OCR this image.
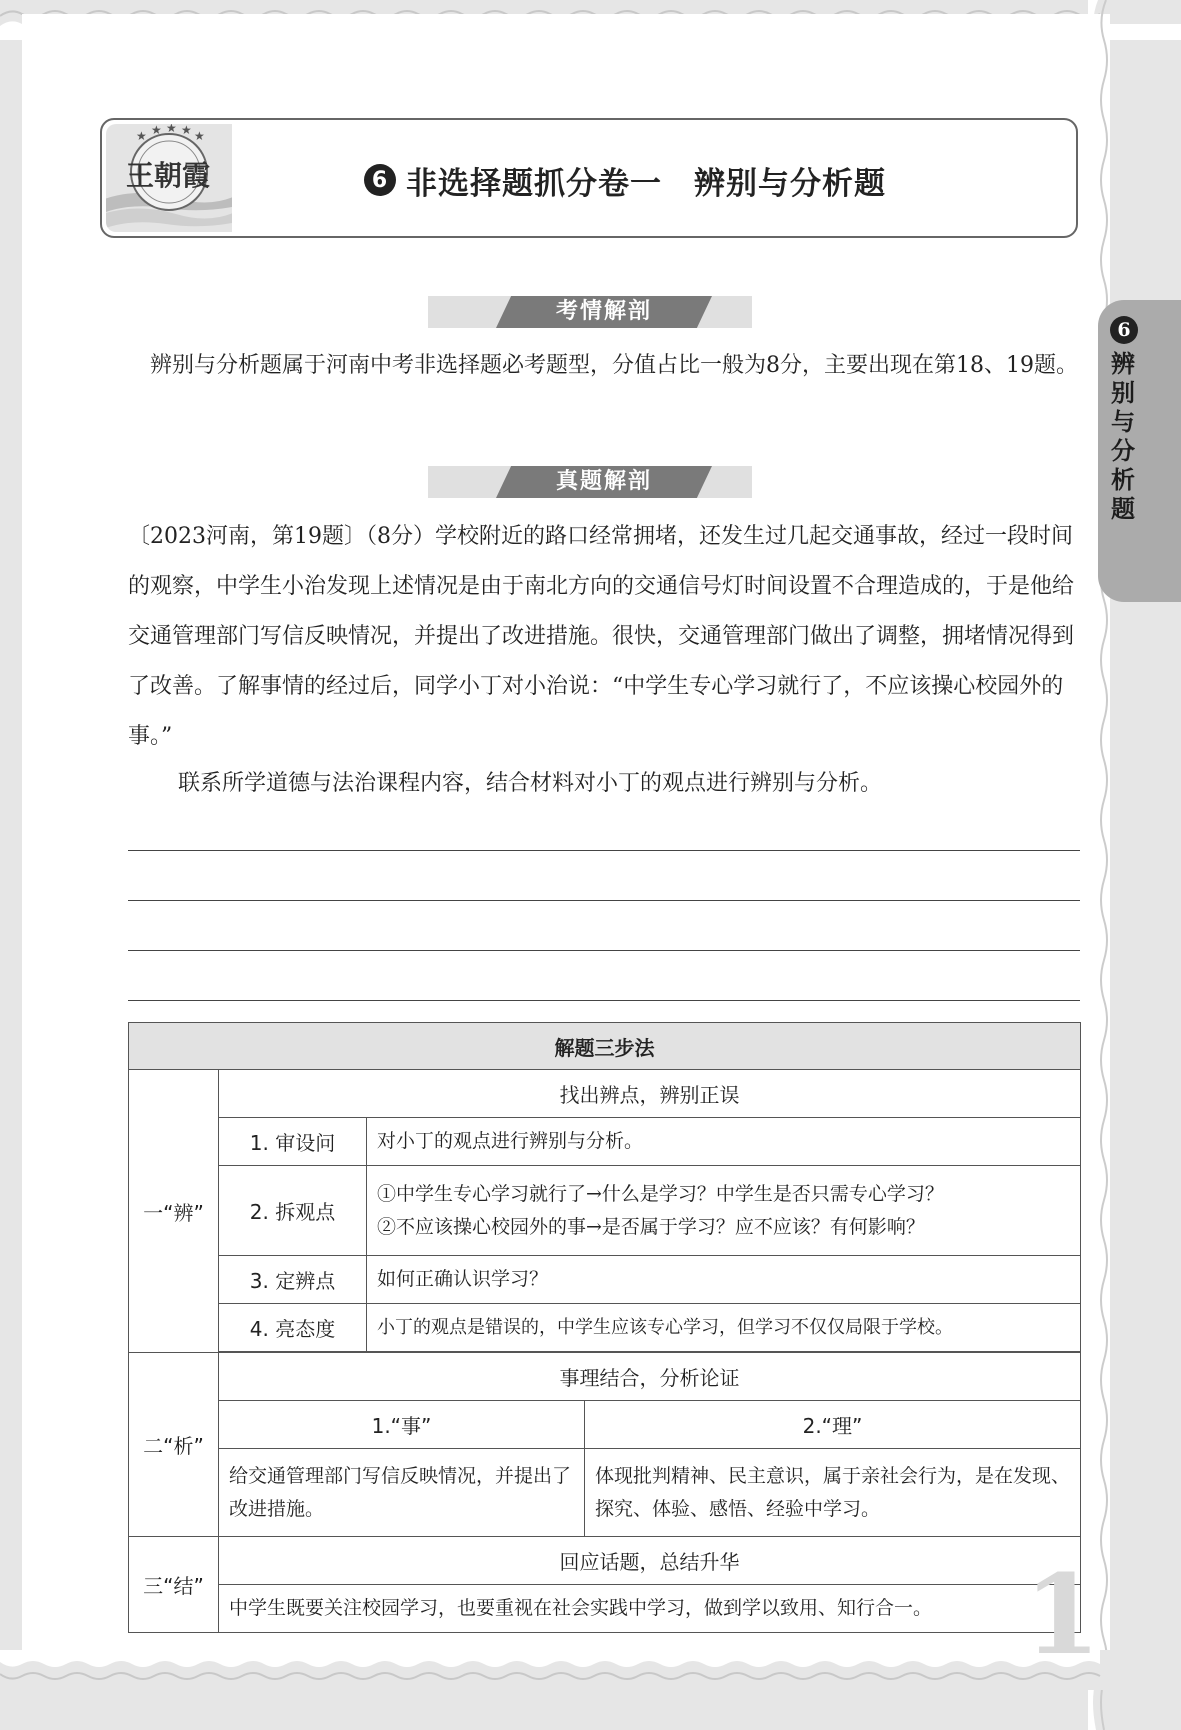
★ ★ ★ ★ ★
王朝霞	6 非选择题抓分卷一 辨别与分析题
6
辨别与分析题
考情解剖
辨别与分析题属于河南中考非选择题必考题型，分值占比一般为8分，主要出现在第18、19题。
真题解剖
〔2023河南，第19题〕（8分）学校附近的路口经常拥堵，还发生过几起交通事故，经过一段时间的观察，中学生小治发现上述情况是由于南北方向的交通信号灯时间设置不合理造成的，于是他给交通管理部门写信反映情况，并提出了改进措施。很快，交通管理部门做出了调整，拥堵情况得到了改善。了解事情的经过后，同学小丁对小治说：“中学生专心学习就行了，不应该操心校园外的事。”
联系所学道德与法治课程内容，结合材料对小丁的观点进行辨别与分析。
解题三步法			
一“辨”	找出辨点，辨别正误		
	1. 审设问	对小丁的观点进行辨别与分析。	
	2. 拆观点	①中学生专心学习就行了→什么是学习？中学生是否只需专心学习？
②不应该操心校园外的事→是否属于学习？应不应该？有何影响？	

	3. 定辨点	如何正确认识学习？	
	4. 亮态度	小丁的观点是错误的，中学生应该专心学习，但学习不仅仅局限于学校。	

二“析”	事理结合，分析论证		
	1.“事”		2.“理”
	给交通管理部门写信反映情况，并提出了改进措施。		体现批判精神、民主意识，属于亲社会行为，是在发现、探究、体验、感悟、经验中学习。
三“结”	回应话题，总结升华		
	中学生既要关注校园学习，也要重视在社会实践中学习，做到学以致用、知行合一。		1
